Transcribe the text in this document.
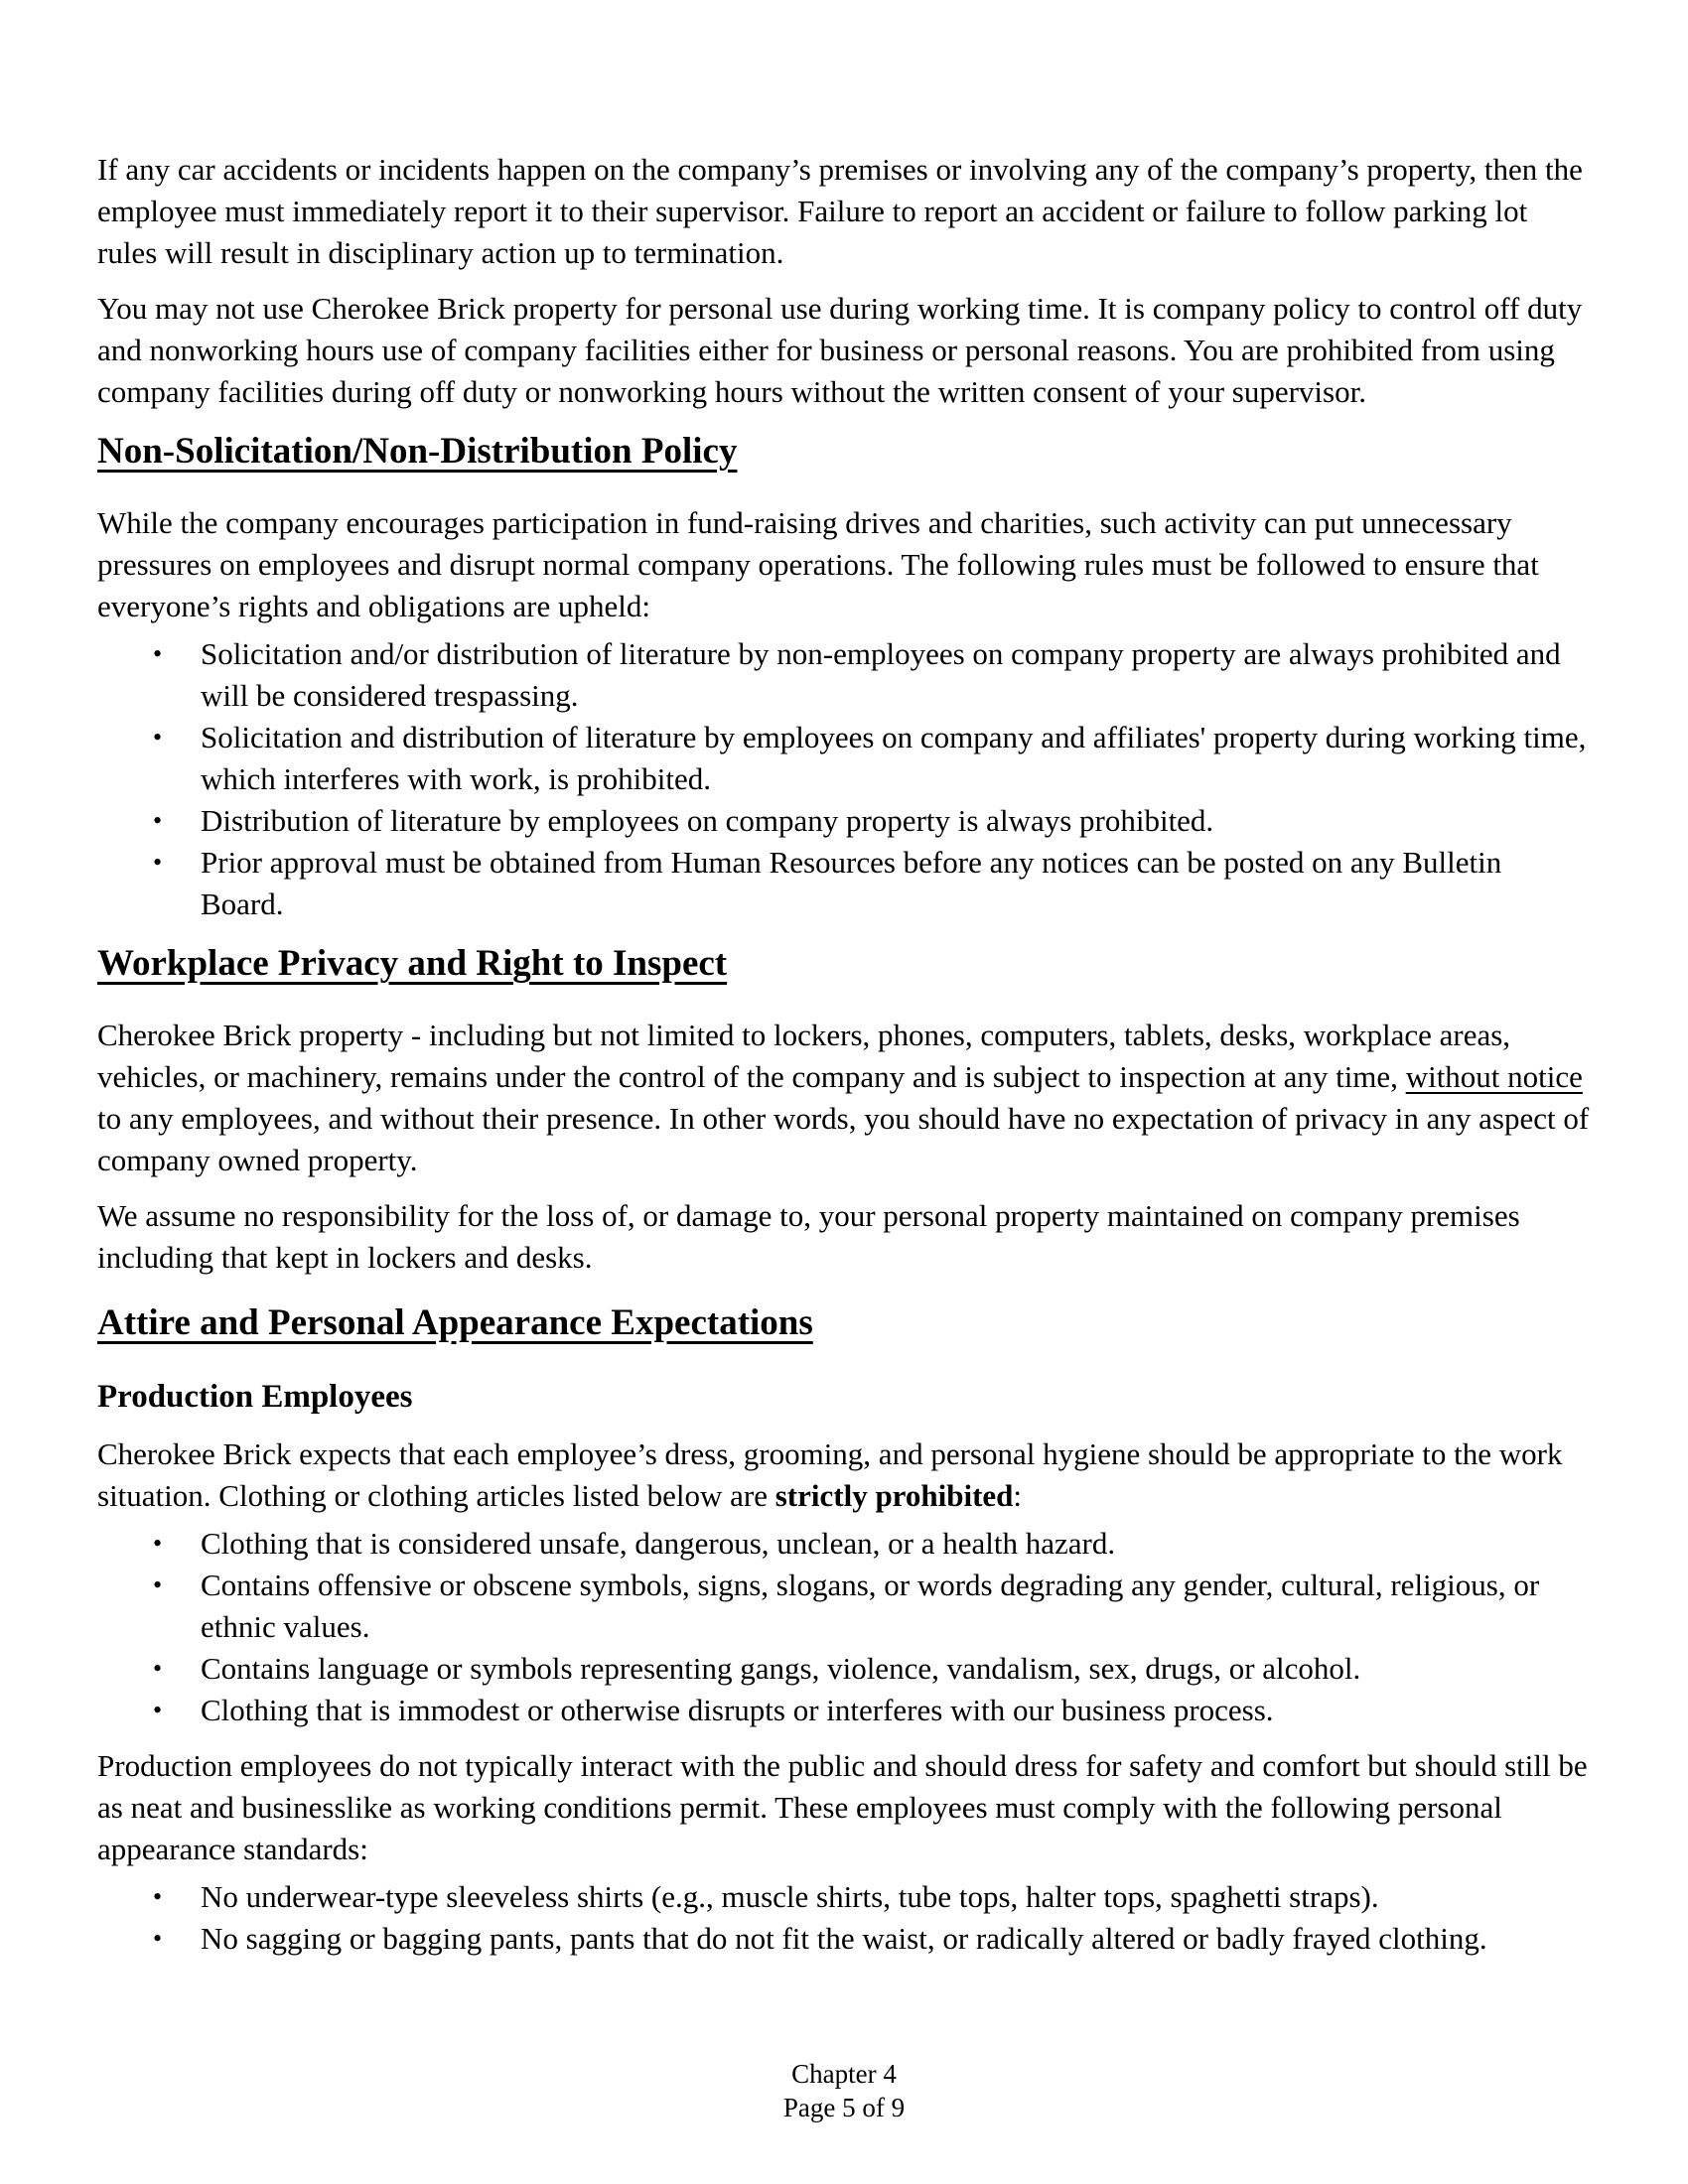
If any car accidents or incidents happen on the company’s premises or involving any of the company’s property, then the employee must immediately report it to their supervisor. Failure to report an accident or failure to follow parking lot rules will result in disciplinary action up to termination.

You may not use Cherokee Brick property for personal use during working time. It is company policy to control off duty and nonworking hours use of company facilities either for business or personal reasons. You are prohibited from using company facilities during off duty or nonworking hours without the written consent of your supervisor.

Non-Solicitation/Non-Distribution Policy

While the company encourages participation in fund-raising drives and charities, such activity can put unnecessary pressures on employees and disrupt normal company operations. The following rules must be followed to ensure that everyone’s rights and obligations are upheld:

• Solicitation and/or distribution of literature by non-employees on company property are always prohibited and will be considered trespassing.
• Solicitation and distribution of literature by employees on company and affiliates' property during working time, which interferes with work, is prohibited.
• Distribution of literature by employees on company property is always prohibited.
• Prior approval must be obtained from Human Resources before any notices can be posted on any Bulletin Board.
Workplace Privacy and Right to Inspect

Cherokee Brick property - including but not limited to lockers, phones, computers, tablets, desks, workplace areas, vehicles, or machinery, remains under the control of the company and is subject to inspection at any time, without notice to any employees, and without their presence. In other words, you should have no expectation of privacy in any aspect of company owned property.

We assume no responsibility for the loss of, or damage to, your personal property maintained on company premises including that kept in lockers and desks.

Attire and Personal Appearance Expectations
Production Employees

Cherokee Brick expects that each employee’s dress, grooming, and personal hygiene should be appropriate to the work situation. Clothing or clothing articles listed below are strictly prohibited:

• Clothing that is considered unsafe, dangerous, unclean, or a health hazard.
• Contains offensive or obscene symbols, signs, slogans, or words degrading any gender, cultural, religious, or ethnic values.
• Contains language or symbols representing gangs, violence, vandalism, sex, drugs, or alcohol.
• Clothing that is immodest or otherwise disrupts or interferes with our business process.

Production employees do not typically interact with the public and should dress for safety and comfort but should still be as neat and businesslike as working conditions permit. These employees must comply with the following personal appearance standards:

• No underwear-type sleeveless shirts (e.g., muscle shirts, tube tops, halter tops, spaghetti straps).
• No sagging or bagging pants, pants that do not fit the waist, or radically altered or badly frayed clothing.
Chapter 4
Page 5 of 9
